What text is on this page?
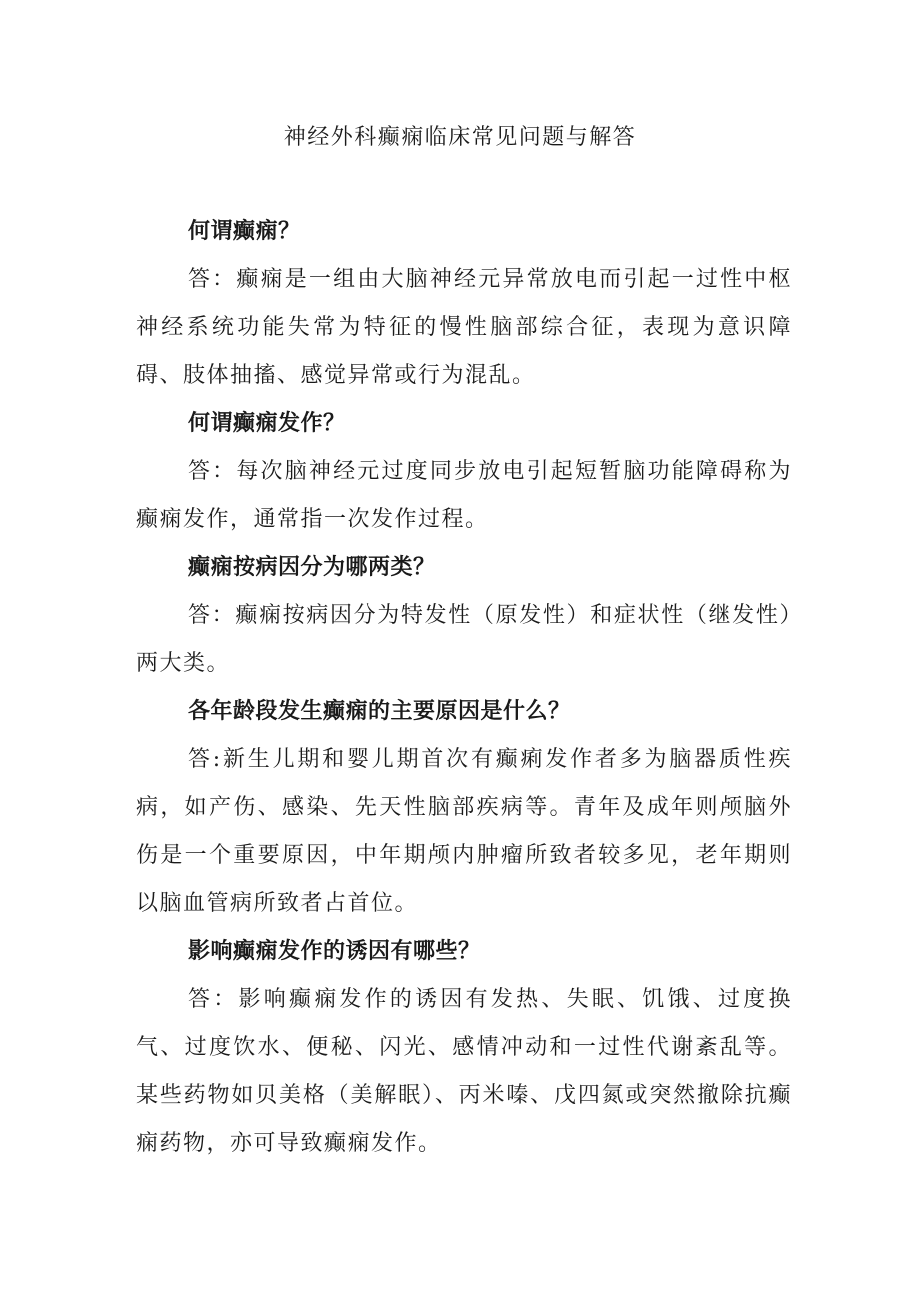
神经外科癫痫临床常见问题与解答

何谓癫痫？

答：癫痫是一组由大脑神经元异常放电而引起一过性中枢神经系统功能失常为特征的慢性脑部综合征，表现为意识障碍、肢体抽搐、感觉异常或行为混乱。

何谓癫痫发作？

答：每次脑神经元过度同步放电引起短暂脑功能障碍称为癫痫发作，通常指一次发作过程。

癫痫按病因分为哪两类？

答：癫痫按病因分为特发性（原发性）和症状性（继发性）两大类。

各年龄段发生癫痫的主要原因是什么？

答:新生儿期和婴儿期首次有癫痢发作者多为脑器质性疾病，如产伤、感染、先天性脑部疾病等。青年及成年则颅脑外伤是一个重要原因，中年期颅内肿瘤所致者较多见，老年期则以脑血管病所致者占首位。

影响癫痫发作的诱因有哪些？

答：影响癫痫发作的诱因有发热、失眠、饥饿、过度换气、过度饮水、便秘、闪光、感情冲动和一过性代谢紊乱等。某些药物如贝美格（美解眠）、丙米嗪、戊四氮或突然撤除抗癫痫药物，亦可导致癫痫发作。
